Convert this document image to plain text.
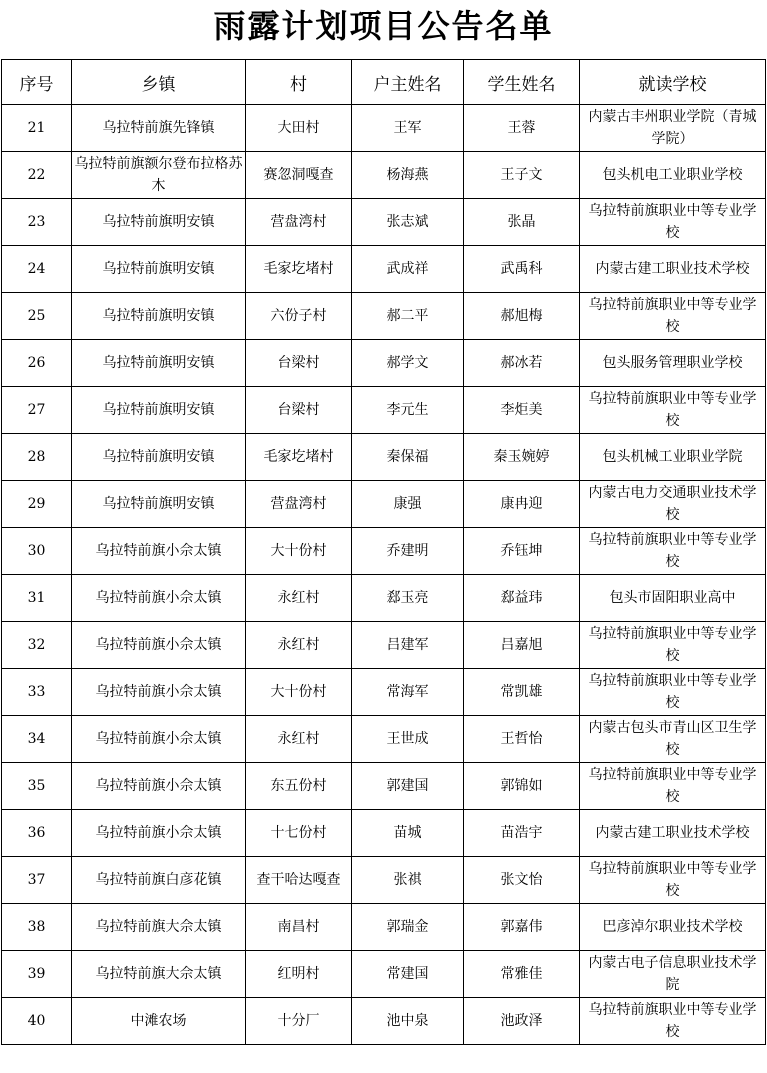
雨露计划项目公告名单
序号	乡镇	村	户主姓名	学生姓名	就读学校
21	乌拉特前旗先锋镇	大田村	王军	王蓉	内蒙古丰州职业学院（青城学院）
22	乌拉特前旗额尔登布拉格苏木	赛忽洞嘎查	杨海燕	王子文	包头机电工业职业学校
23	乌拉特前旗明安镇	营盘湾村	张志斌	张晶	乌拉特前旗职业中等专业学校
24	乌拉特前旗明安镇	毛家圪堵村	武成祥	武禹科	内蒙古建工职业技术学校
25	乌拉特前旗明安镇	六份子村	郝二平	郝旭梅	乌拉特前旗职业中等专业学校
26	乌拉特前旗明安镇	台梁村	郝学文	郝冰若	包头服务管理职业学校
27	乌拉特前旗明安镇	台梁村	李元生	李炬美	乌拉特前旗职业中等专业学校
28	乌拉特前旗明安镇	毛家圪堵村	秦保福	秦玉婉婷	包头机械工业职业学院
29	乌拉特前旗明安镇	营盘湾村	康强	康冉迎	内蒙古电力交通职业技术学校
30	乌拉特前旗小佘太镇	大十份村	乔建明	乔钰坤	乌拉特前旗职业中等专业学校
31	乌拉特前旗小佘太镇	永红村	郄玉亮	郄益玮	包头市固阳职业高中
32	乌拉特前旗小佘太镇	永红村	吕建军	吕嘉旭	乌拉特前旗职业中等专业学校
33	乌拉特前旗小佘太镇	大十份村	常海军	常凯雄	乌拉特前旗职业中等专业学校
34	乌拉特前旗小佘太镇	永红村	王世成	王哲怡	内蒙古包头市青山区卫生学校
35	乌拉特前旗小佘太镇	东五份村	郭建国	郭锦如	乌拉特前旗职业中等专业学校
36	乌拉特前旗小佘太镇	十七份村	苗城	苗浩宇	内蒙古建工职业技术学校
37	乌拉特前旗白彦花镇	查干哈达嘎查	张祺	张文怡	乌拉特前旗职业中等专业学校
38	乌拉特前旗大佘太镇	南昌村	郭瑞金	郭嘉伟	巴彦淖尔职业技术学校
39	乌拉特前旗大佘太镇	红明村	常建国	常雅佳	内蒙古电子信息职业技术学院
40	中滩农场	十分厂	池中泉	池政泽	乌拉特前旗职业中等专业学校
